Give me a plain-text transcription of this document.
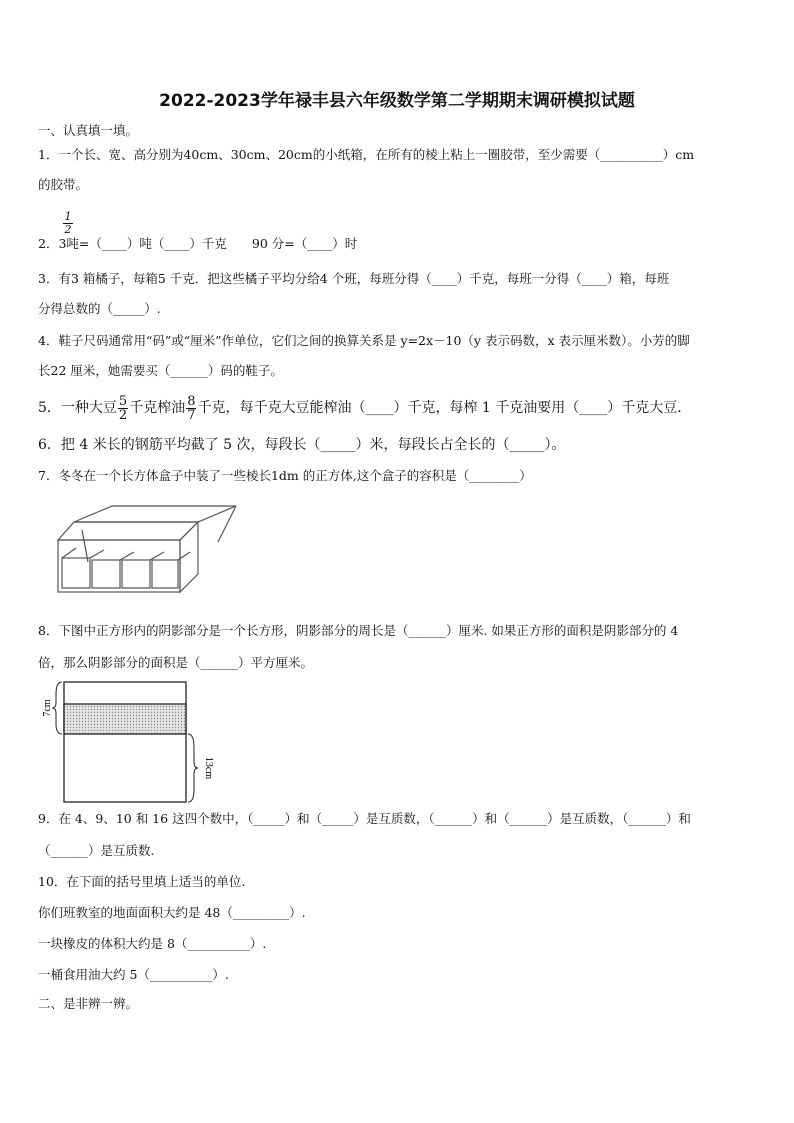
2022-2023学年禄丰县六年级数学第二学期期末调研模拟试题
一、认真填一填。
1．一个长、宽、高分别为40cm、30cm、20cm的小纸箱，在所有的棱上粘上一圈胶带，至少需要（__________）cm
的胶带。
2．3吨=（____）吨（____）千克　　90 分=（____）时
$\frac{1}{2}$
3．有3 箱橘子，每箱5 千克．把这些橘子平均分给4 个班，每班分得（____）千克，每班一分得（____）箱，每班
分得总数的（_____）.
4．鞋子尺码通常用“码”或“厘米”作单位，它们之间的换算关系是 y=2x－10（y 表示码数，x 表示厘米数）。小芳的脚
长22 厘米，她需要买（______）码的鞋子。
5．一种大豆 $\frac{5}{2}$ 千克榨油 $\frac{8}{7}$ 千克，每千克大豆能榨油（____）千克，每榨 1 千克油要用（____）千克大豆.
6．把 4 米长的钢筋平均截了 5 次，每段长（_____）米，每段长占全长的（_____）。
7．冬冬在一个长方体盒子中装了一些棱长1dm 的正方体,这个盒子的容积是（________）
8．下图中正方形内的阴影部分是一个长方形，阴影部分的周长是（______）厘米. 如果正方形的面积是阴影部分的 4
倍，那么阴影部分的面积是（______）平方厘米。
7cm
13cm
9．在 4、9、10 和 16 这四个数中，（_____）和（_____）是互质数，（______）和（______）是互质数，（______）和
（______）是互质数.
10．在下面的括号里填上适当的单位.
你们班教室的地面面积大约是 48（_________）.
一块橡皮的体积大约是 8（__________）.
一桶食用油大约 5（__________）.
二、是非辨一辨。
